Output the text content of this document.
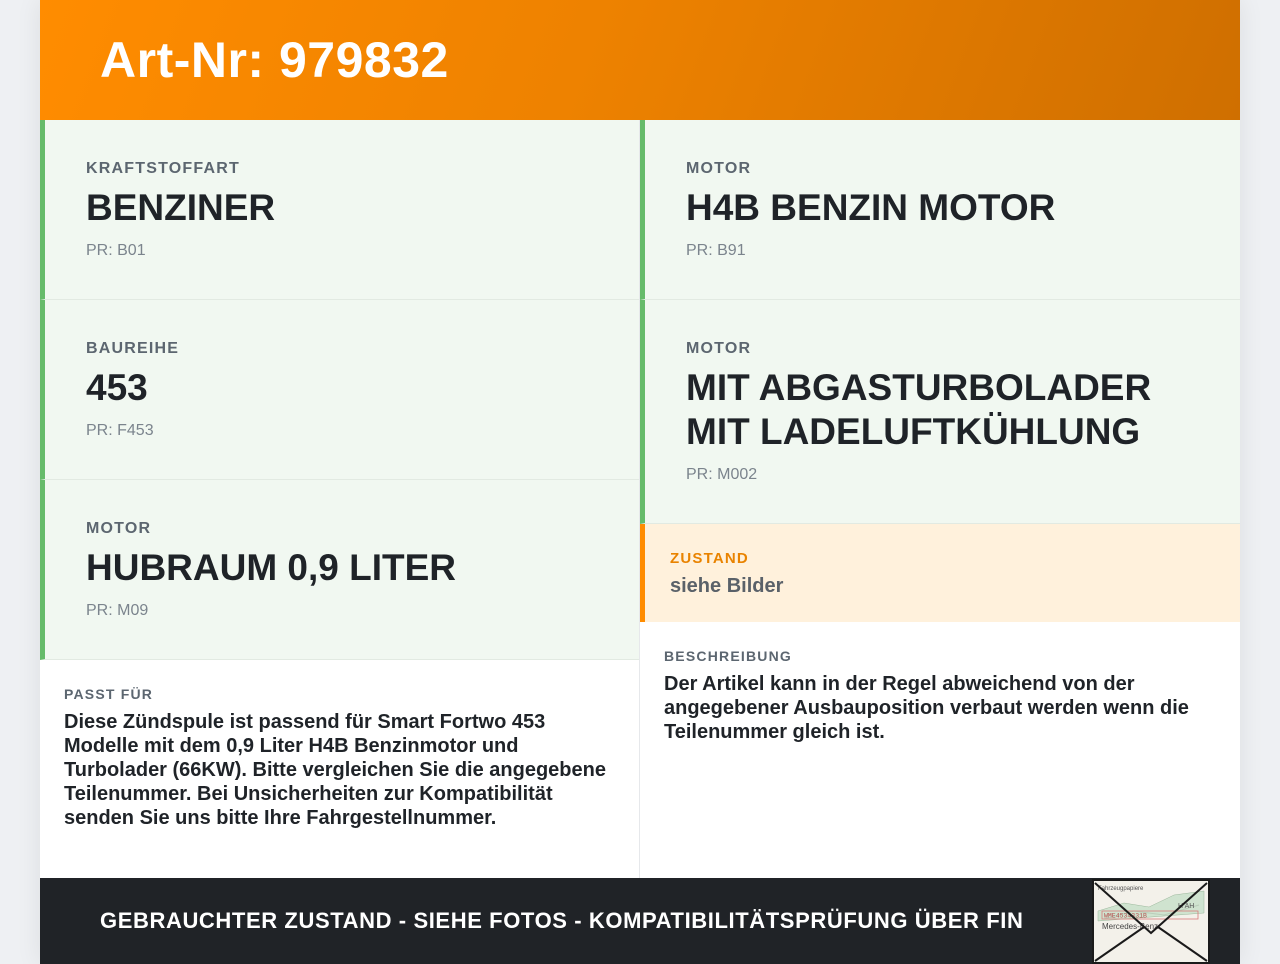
Art-Nr: 979832
KRAFTSTOFFART
BENZINER
PR: B01
BAUREIHE
453
PR: F453
MOTOR
HUBRAUM 0,9 LITER
PR: M09
PASST FÜR
Diese Zündspule ist passend für Smart Fortwo 453 Modelle mit dem 0,9 Liter H4B Benzinmotor und Turbolader (66KW). Bitte vergleichen Sie die angegebene Teilenummer. Bei Unsicherheiten zur Kompatibilität senden Sie uns bitte Ihre Fahrgestellnummer.
MOTOR
H4B BENZIN MOTOR
PR: B91
MOTOR
MIT ABGASTURBOLADER MIT LADELUFTKÜHLUNG
PR: M002
ZUSTAND
siehe Bilder
BESCHREIBUNG
Der Artikel kann in der Regel abweichend von der angegebener Ausbauposition verbaut werden wenn die Teilenummer gleich ist.
GEBRAUCHTER ZUSTAND - SIEHE FOTOS - KOMPATIBILITÄTSPRÜFUNG ÜBER FIN
Fahrzeugpapiere
H AH
WME4534331B
Mercedes-Benz
